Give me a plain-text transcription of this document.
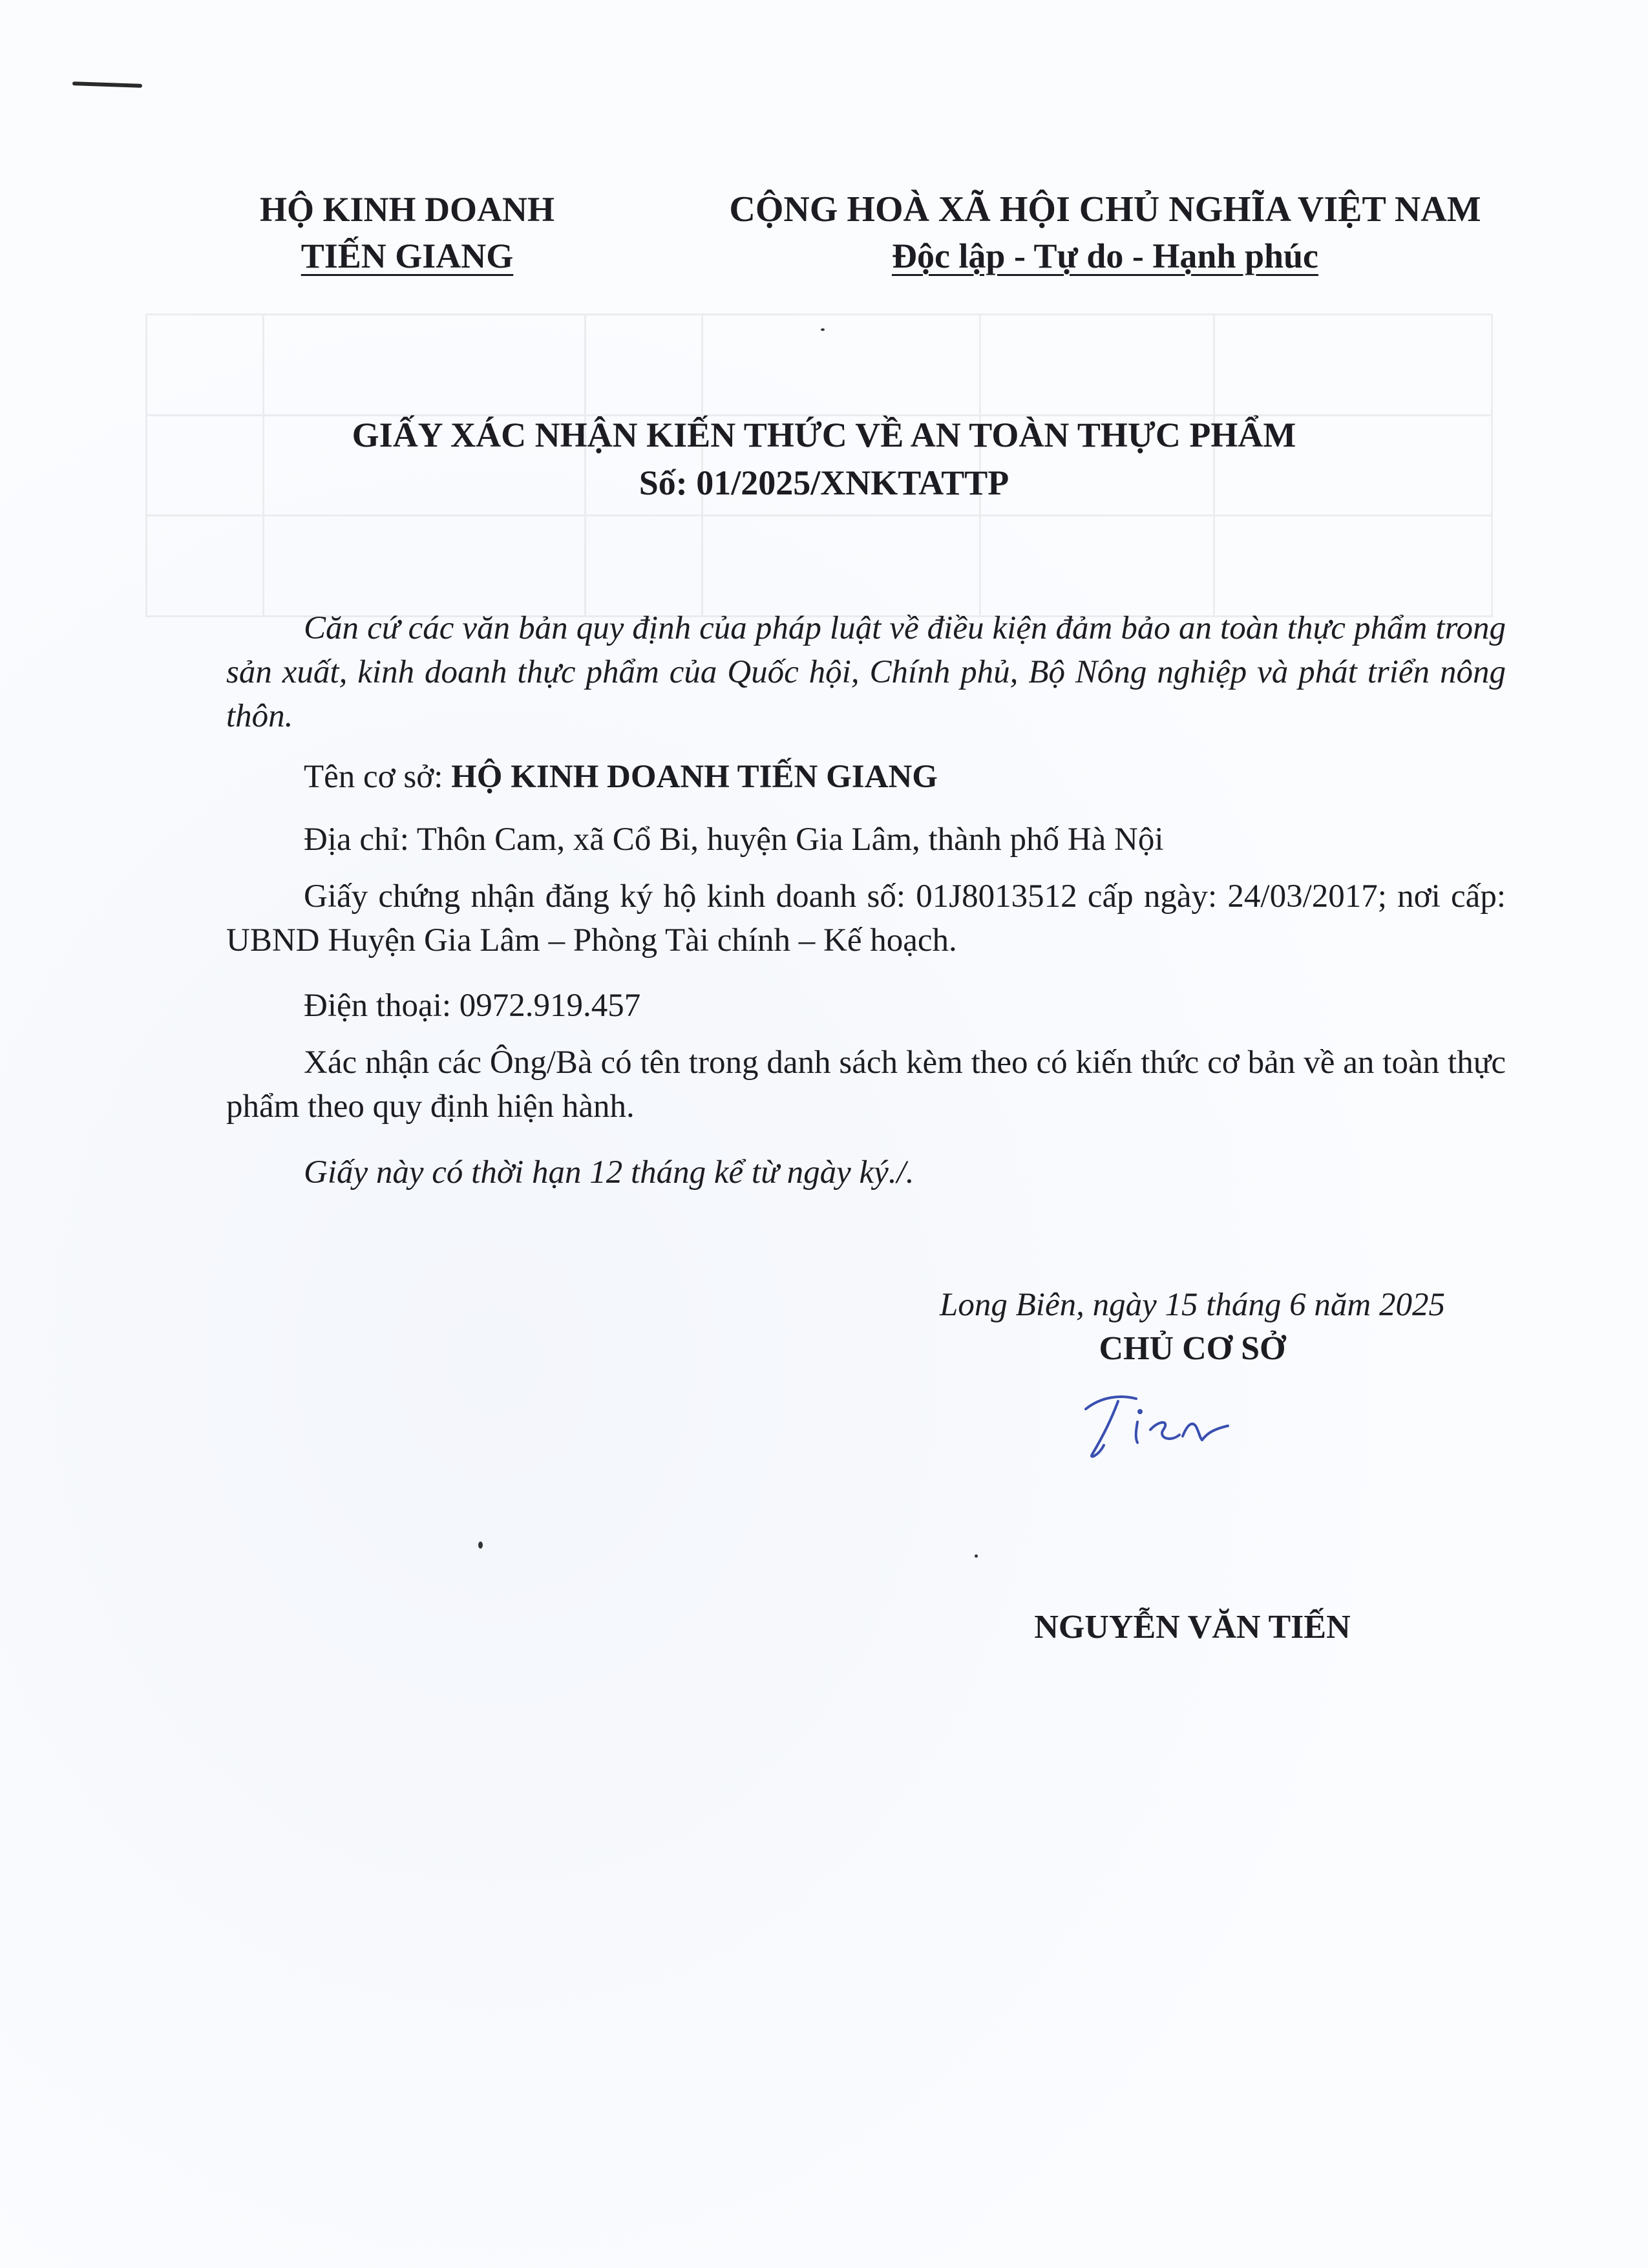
HỘ KINH DOANH
TIẾN GIANG
CỘNG HOÀ XÃ HỘI CHỦ NGHĨA VIỆT NAM
Độc lập - Tự do - Hạnh phúc
GIẤY XÁC NHẬN KIẾN THỨC VỀ AN TOÀN THỰC PHẨM
Số: 01/2025/XNKTATTP
Căn cứ các văn bản quy định của pháp luật về điều kiện đảm bảo an toàn thực phẩm trong sản xuất, kinh doanh thực phẩm của Quốc hội, Chính phủ, Bộ Nông nghiệp và phát triển nông thôn.
Tên cơ sở: HỘ KINH DOANH TIẾN GIANG
Địa chỉ: Thôn Cam, xã Cổ Bi, huyện Gia Lâm, thành phố Hà Nội
Giấy chứng nhận đăng ký hộ kinh doanh số: 01J8013512 cấp ngày: 24/03/2017; nơi cấp: UBND Huyện Gia Lâm – Phòng Tài chính – Kế hoạch.
Điện thoại: 0972.919.457
Xác nhận các Ông/Bà có tên trong danh sách kèm theo có kiến thức cơ bản về an toàn thực phẩm theo quy định hiện hành.
Giấy này có thời hạn 12 tháng kể từ ngày ký./.
Long Biên, ngày 15 tháng 6 năm 2025
CHỦ CƠ SỞ
NGUYỄN VĂN TIẾN
